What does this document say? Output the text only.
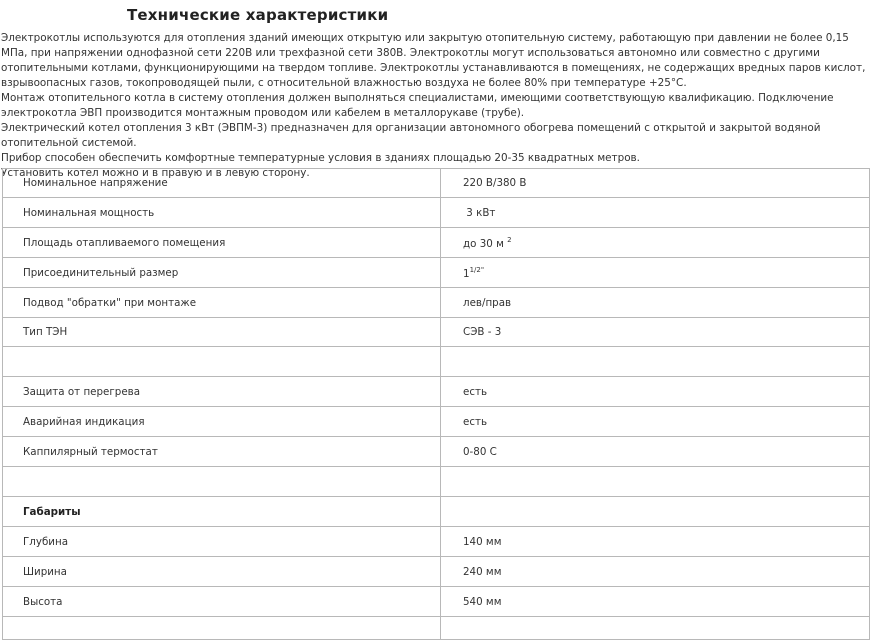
Технические характеристики

Электрокотлы используются для отопления зданий имеющих открытую или закрытую отопительную систему, работающую при давлении не более 0,15 МПа, при напряжении однофазной сети 220В или трехфазной сети 380В. Электрокотлы могут использоваться автономно или совместно с другими отопительными котлами, функционирующими на твердом топливе. Электрокотлы устанавливаются в помещениях, не содержащих вредных паров кислот, взрывоопасных газов, токопроводящей пыли, с относительной влажностью воздуха не более 80% при температуре +25°С.

Монтаж отопительного котла в систему отопления должен выполняться специалистами, имеющими соответствующую квалификацию. Подключение электрокотла ЭВП производится монтажным проводом или кабелем в металлорукаве (трубе).

Электрический котел отопления 3 кВт (ЭВПМ-3) предназначен для организации автономного обогрева помещений с открытой и закрытой водяной отопительной системой.

Прибор способен обеспечить комфортные температурные условия в зданиях площадью 20-35 квадратных метров.

Установить котел можно и в правую и в левую сторону.

Номинальное напряжение	220 В/380 В
Номинальная мощность	3 кВт
Площадь отапливаемого помещения	до 30 м $^2$
Присоединительный размер	$1^{1/2"}$
Подвод "обратки" при монтаже	лев/прав
Тип ТЭН	СЭВ - 3

Защита от перегрева	есть
Аварийная индикация	есть
Каппилярный термостат	0-80 С

Габариты	
Глубина	140 мм
Ширина	240 мм
Высота	540 мм
